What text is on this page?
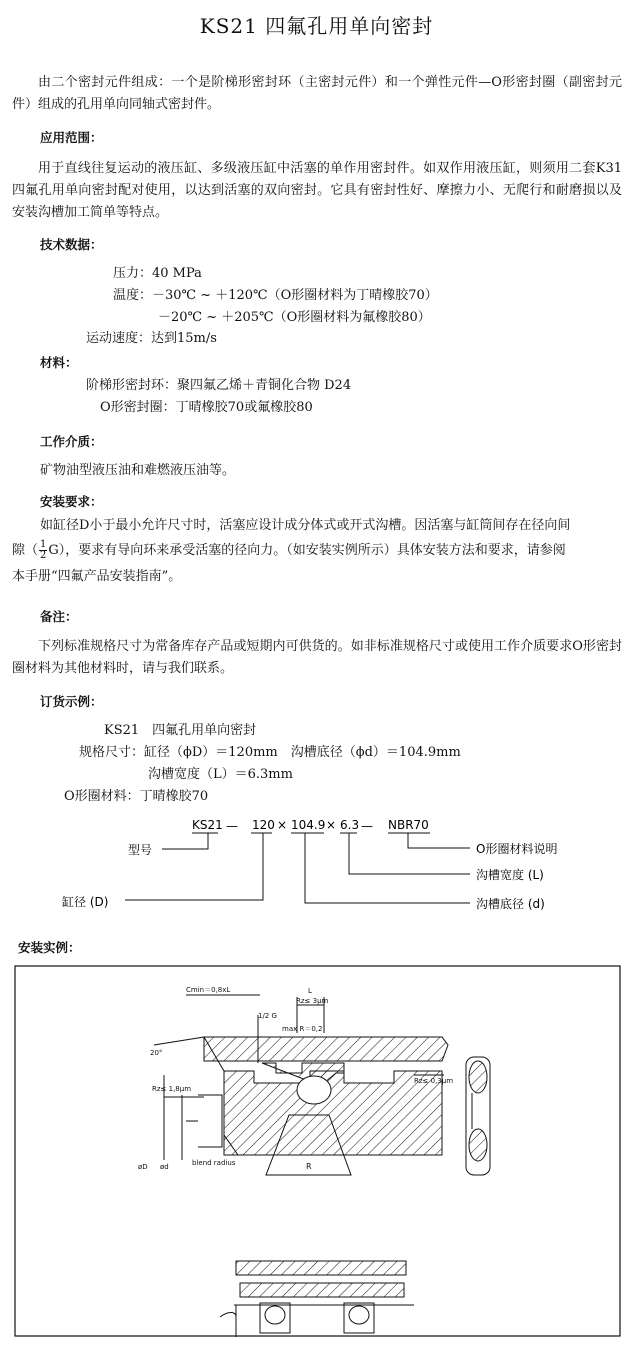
KS21 四氟孔用单向密封
由二个密封元件组成：一个是阶梯形密封环（主密封元件）和一个弹性元件—O形密封圈（副密封元件）组成的孔用单向同轴式密封件。
应用范围：
用于直线往复运动的液压缸、多级液压缸中活塞的单作用密封件。如双作用液压缸，则须用二套K31四氟孔用单向密封配对使用，以达到活塞的双向密封。它具有密封性好、摩擦力小、无爬行和耐磨损以及安装沟槽加工简单等特点。
技术数据：
压力：40 MPa
温度：－30℃ ~ ＋120℃（O形圈材料为丁晴橡胶70）
－20℃ ~ ＋205℃（O形圈材料为氟橡胶80）
运动速度：达到15m/s
材料：
阶梯形密封环：聚四氟乙烯＋青铜化合物 D24
O形密封圈：丁晴橡胶70或氟橡胶80
工作介质：
矿物油型液压油和难燃液压油等。
安装要求：
如缸径D小于最小允许尺寸时，活塞应设计成分体式或开式沟槽。因活塞与缸筒间存在径向间
隙（ $\frac{1}{2} G$），要求有导向环来承受活塞的径向力。（如安装实例所示）具体安装方法和要求，请参阅
本手册“四氟产品安装指南”。
备注：
下列标准规格尺寸为常备库存产品或短期内可供货的。如非标准规格尺寸或使用工作介质要求O形密封圈材料为其他材料时，请与我们联系。
订货示例：
KS21　四氟孔用单向密封
规格尺寸：缸径（ϕD）＝120mm　沟槽底径（ϕd）＝104.9mm
沟槽宽度（L）＝6.3mm
O形圈材料：丁晴橡胶70
KS21 — 120 × 104.9 × 6.3 — NBR70
型号
缸径 (D)
O形圈材料说明
沟槽宽度 (L)
沟槽底径 (d)
安装实例：
R
Cmin＝0,8xL	L
Rz≤ 3μm
1/2 G
max R＝0,2
20°
Rz≤ 1,8μm
Rz≤ 0,3μm
øD ød	blend radius
